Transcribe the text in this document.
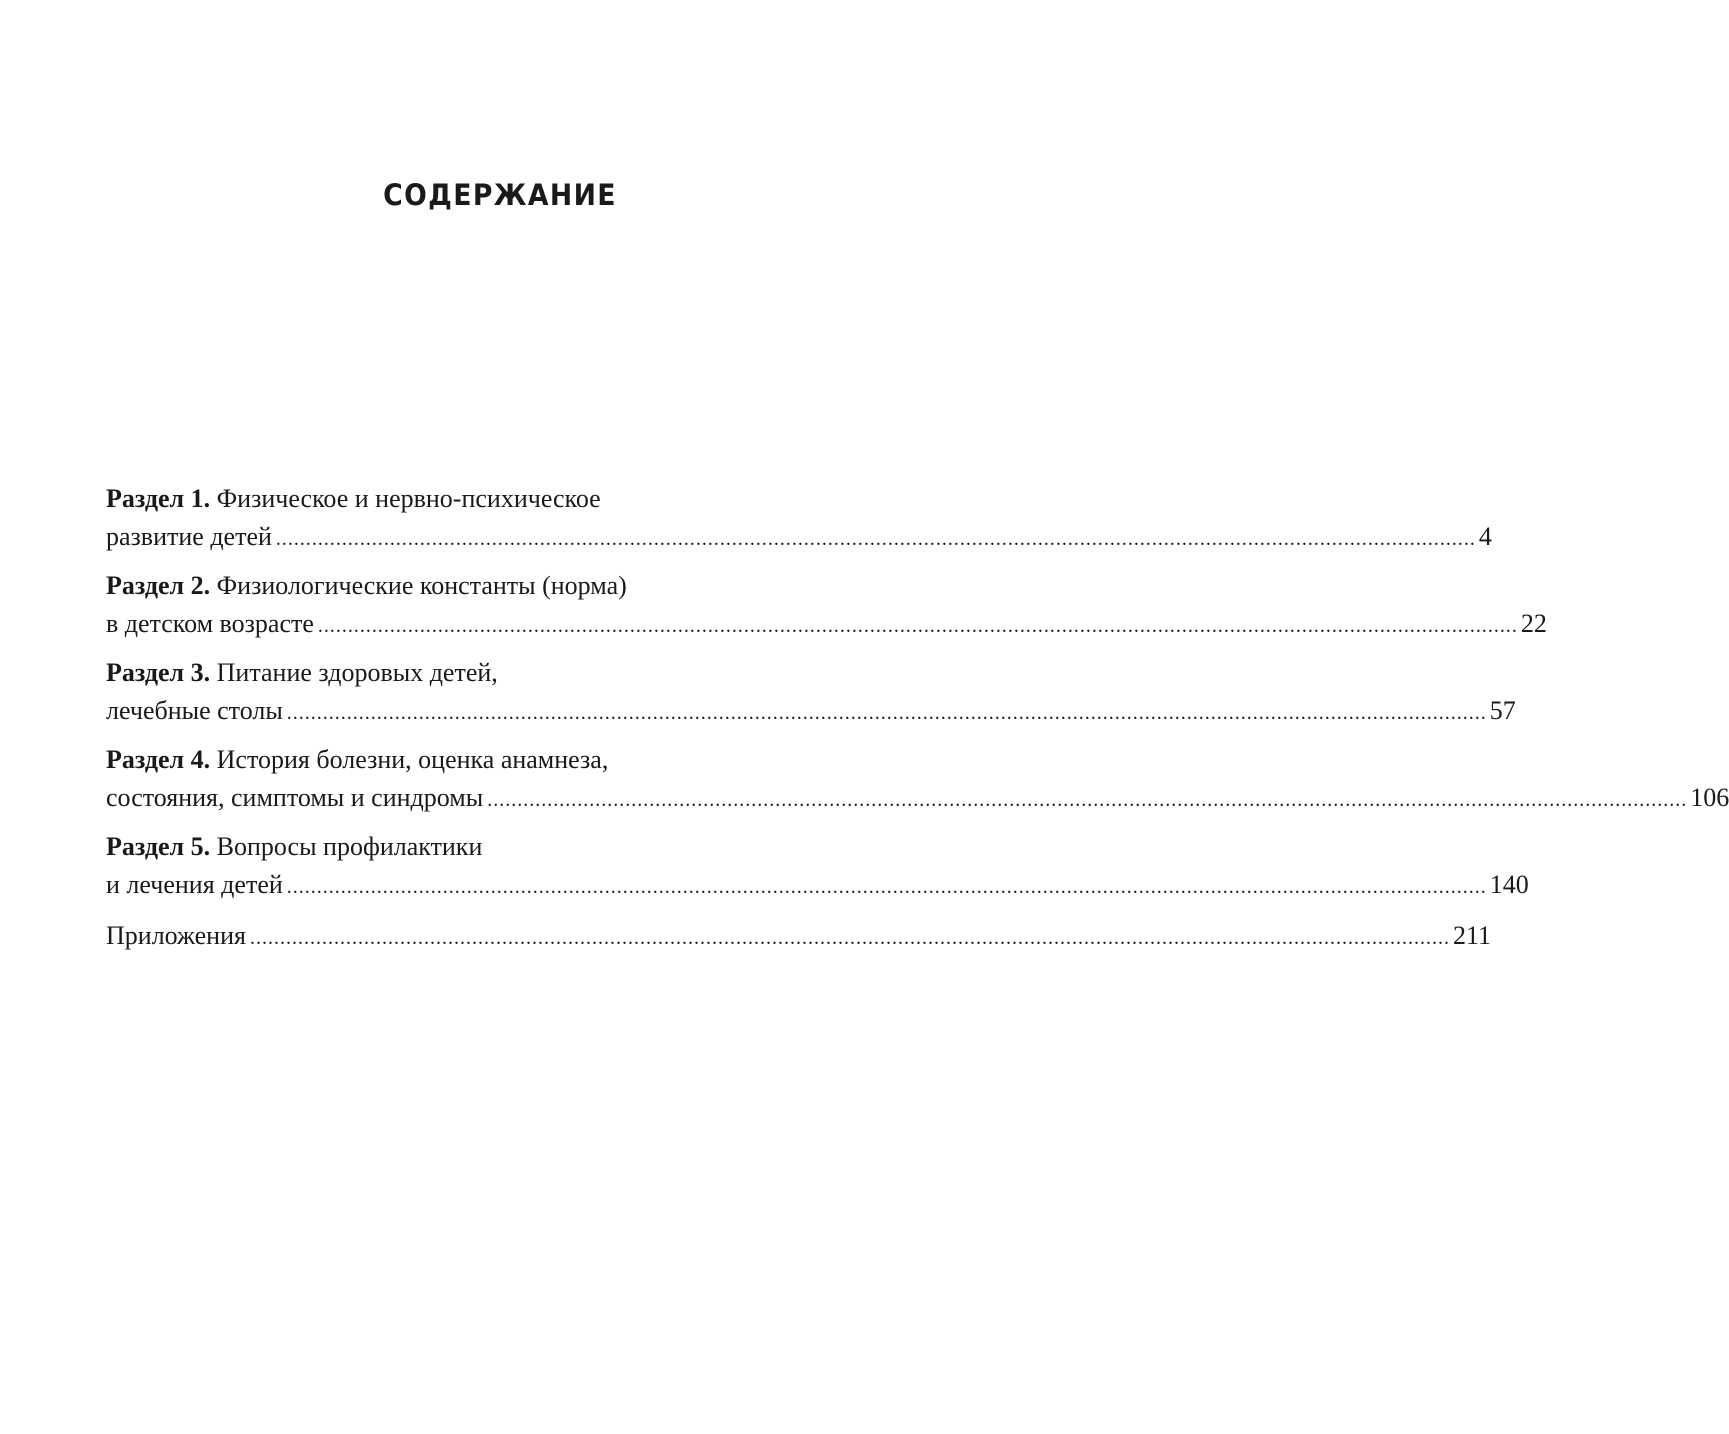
СОДЕРЖАНИЕ
Раздел 1. Физическое и нервно-психическое
развитие детей ........................................................................................................................................................................................................ 4
Раздел 2. Физиологические константы (норма)
в детском возрасте ........................................................................................................................................................................................................ 22
Раздел 3. Питание здоровых детей,
лечебные столы ........................................................................................................................................................................................................ 57
Раздел 4. История болезни, оценка анамнеза,
состояния, симптомы и синдромы ........................................................................................................................................................................................................ 106
Раздел 5. Вопросы профилактики
и лечения детей ........................................................................................................................................................................................................ 140
Приложения ........................................................................................................................................................................................................ 211
